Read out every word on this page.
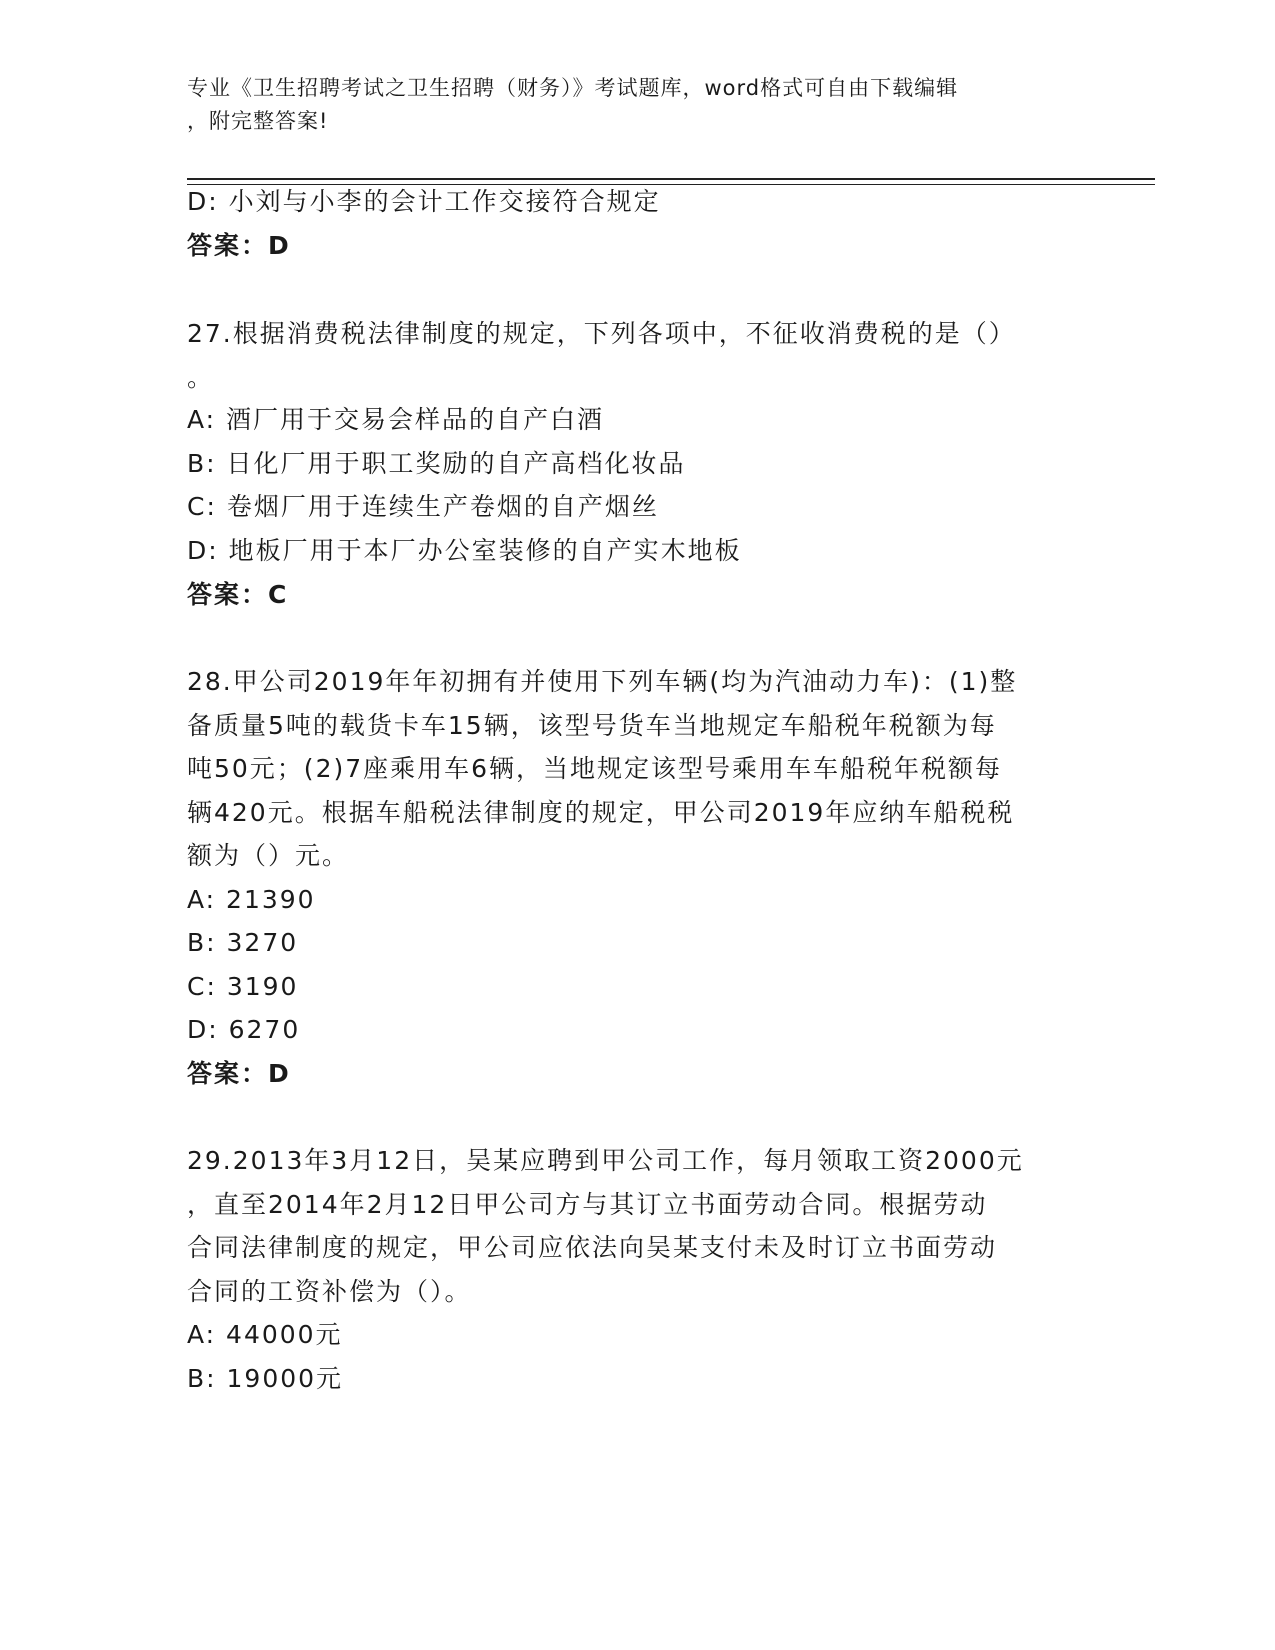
专业《卫生招聘考试之卫生招聘（财务）》考试题库，word格式可自由下载编辑
，附完整答案!
D: 小刘与小李的会计工作交接符合规定
答案：D
27.根据消费税法律制度的规定，下列各项中，不征收消费税的是（）
。
A: 酒厂用于交易会样品的自产白酒
B: 日化厂用于职工奖励的自产高档化妆品
C: 卷烟厂用于连续生产卷烟的自产烟丝
D: 地板厂用于本厂办公室装修的自产实木地板
答案：C
28.甲公司2019年年初拥有并使用下列车辆(均为汽油动力车)：(1)整
备质量5吨的载货卡车15辆，该型号货车当地规定车船税年税额为每
吨50元；(2)7座乘用车6辆，当地规定该型号乘用车车船税年税额每
辆420元。根据车船税法律制度的规定，甲公司2019年应纳车船税税
额为（）元。
A: 21390
B: 3270
C: 3190
D: 6270
答案：D
29.2013年3月12日，吴某应聘到甲公司工作，每月领取工资2000元
，直至2014年2月12日甲公司方与其订立书面劳动合同。根据劳动
合同法律制度的规定，甲公司应依法向吴某支付未及时订立书面劳动
合同的工资补偿为（）。
A: 44000元
B: 19000元
